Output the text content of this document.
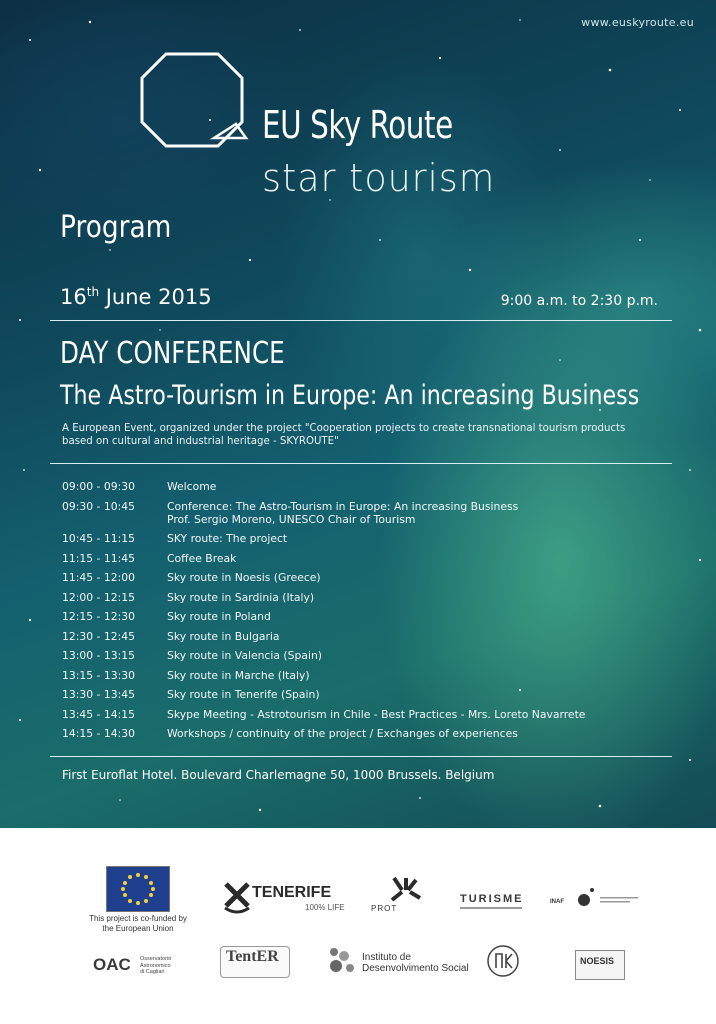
www.euskyroute.eu
EU Sky Route
star tourism
Program
16th June 2015	9:00 a.m. to 2:30 p.m.
DAY CONFERENCE
The Astro-Tourism in Europe: An increasing Business
A European Event, organized under the project "Cooperation projects to create transnational tourism products
based on cultural and industrial heritage - SKYROUTE"
09:00 - 09:30	Welcome
09:30 - 10:45	Conference: The Astro-Tourism in Europe: An increasing Business
Prof. Sergio Moreno, UNESCO Chair of Tourism
10:45 - 11:15	SKY route: The project
11:15 - 11:45	Coffee Break
11:45 - 12:00	Sky route in Noesis (Greece)
12:00 - 12:15	Sky route in Sardinia (Italy)
12:15 - 12:30	Sky route in Poland
12:30 - 12:45	Sky route in Bulgaria
13:00 - 13:15	Sky route in Valencia (Spain)
13:15 - 13:30	Sky route in Marche (Italy)
13:30 - 13:45	Sky route in Tenerife (Spain)
13:45 - 14:15	Skype Meeting - Astrotourism in Chile - Best Practices - Mrs. Loreto Navarrete
14:15 - 14:30	Workshops / continuity of the project / Exchanges of experiences
First Euroflat Hotel. Boulevard Charlemagne 50, 1000 Brussels. Belgium
This project is co-funded by
the European Union
TENERIFE
100% LIFE	PROT
TURISME	INAF
OAC Osservatorio
Astronomico
di Cagliari
TentER	Instituto de
Desenvolvimento Social
NOESIS
